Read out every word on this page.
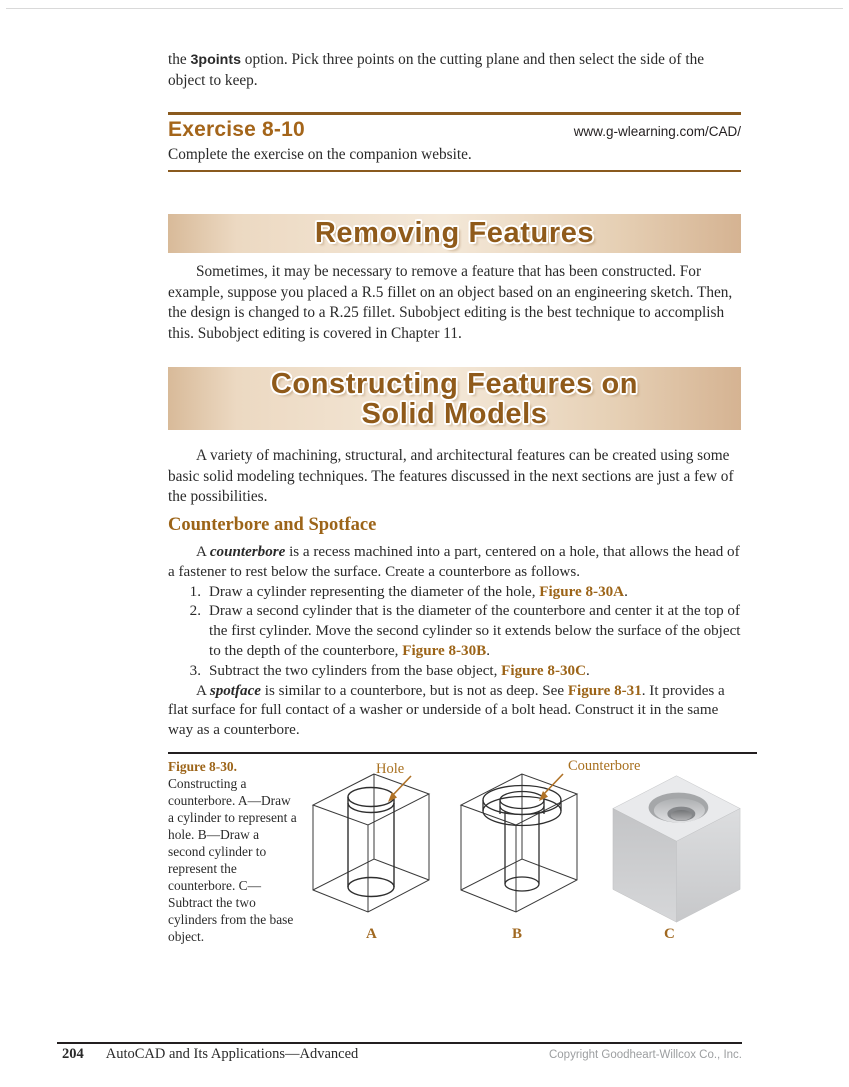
the 3points option. Pick three points on the cutting plane and then select the side of the object to keep.

Exercise 8-10	www.g-wlearning.com/CAD/

Complete the exercise on the companion website.

Removing Features

Sometimes, it may be necessary to remove a feature that has been constructed. For example, suppose you placed a R.5 fillet on an object based on an engineering sketch. Then, the design is changed to a R.25 fillet. Subobject editing is the best technique to accomplish this. Subobject editing is covered in Chapter 11.

Constructing Features on
Solid Models

A variety of machining, structural, and architectural features can be created using some basic solid modeling techniques. The features discussed in the next sections are just a few of the possibilities.

Counterbore and Spotface

A counterbore is a recess machined into a part, centered on a hole, that allows the head of a fastener to rest below the surface. Create a counterbore as follows.

1. Draw a cylinder representing the diameter of the hole, Figure 8-30A.
2. Draw a second cylinder that is the diameter of the counterbore and center it at the top of the first cylinder. Move the second cylinder so it extends below the surface of the object to the depth of the counterbore, Figure 8-30B.
3. Subtract the two cylinders from the base object, Figure 8-30C.

A spotface is similar to a counterbore, but is not as deep. See Figure 8-31. It provides a flat surface for full contact of a washer or underside of a bolt head. Construct it in the same way as a counterbore.

Figure 8-30.
Constructing a counterbore. A—Draw a cylinder to represent a hole. B—Draw a second cylinder to represent the counterbore. C—Subtract the two cylinders from the base object.
Hole	Counterbore
A	B	C
204 AutoCAD and Its Applications—Advanced	Copyright Goodheart-Willcox Co., Inc.
